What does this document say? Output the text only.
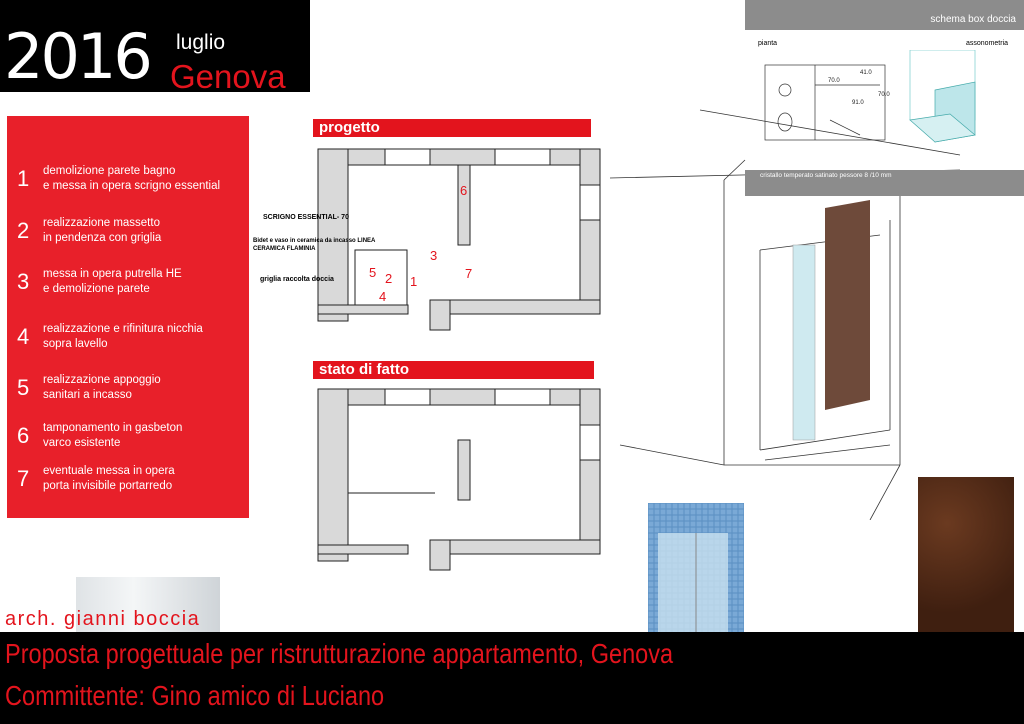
2016 luglio
Genova
1 demolizione parete bagno
e messa in opera scrigno essential
2 realizzazione massetto
in pendenza con griglia
3 messa in opera putrella HE
e demolizione parete
4 realizzazione e rifinitura nicchia
sopra lavello
5 realizzazione appoggio
sanitari a incasso
6 tamponamento in gasbeton
varco esistente
7 eventuale messa in opera
porta invisibile portarredo
progetto
stato di fatto
SCRIGNO ESSENTIAL- 70
Bidet e vaso in ceramica da incasso LINEA
CERAMICA FLAMINIA
griglia raccolta doccia	1
2
3
4
5
6
7
schema box doccia
pianta	assonometria
41.0
70.0
70.0
91.0
cristallo temperato satinato pessore 8 /10 mm
arch. gianni boccia
Proposta progettuale per ristrutturazione appartamento, Genova
Committente: Gino amico di Luciano
